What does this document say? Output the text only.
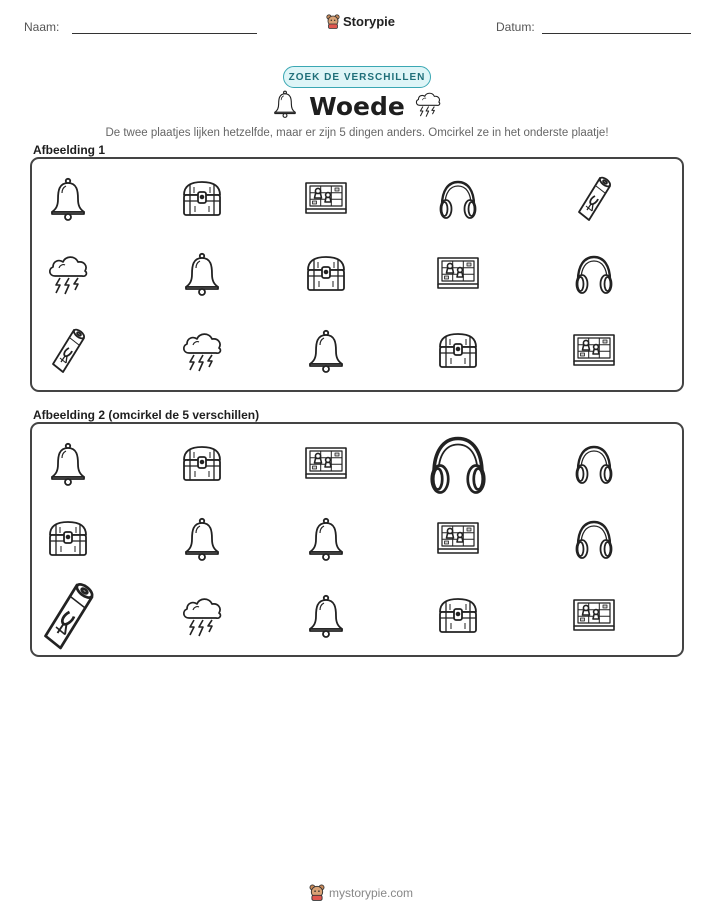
Naam:	Datum:
Storypie
ZOEK DE VERSCHILLEN
Woede
De twee plaatjes lijken hetzelfde, maar er zijn 5 dingen anders. Omcirkel ze in het onderste plaatje!
Afbeelding 1
Afbeelding 2 (omcirkel de 5 verschillen)
mystorypie.com
